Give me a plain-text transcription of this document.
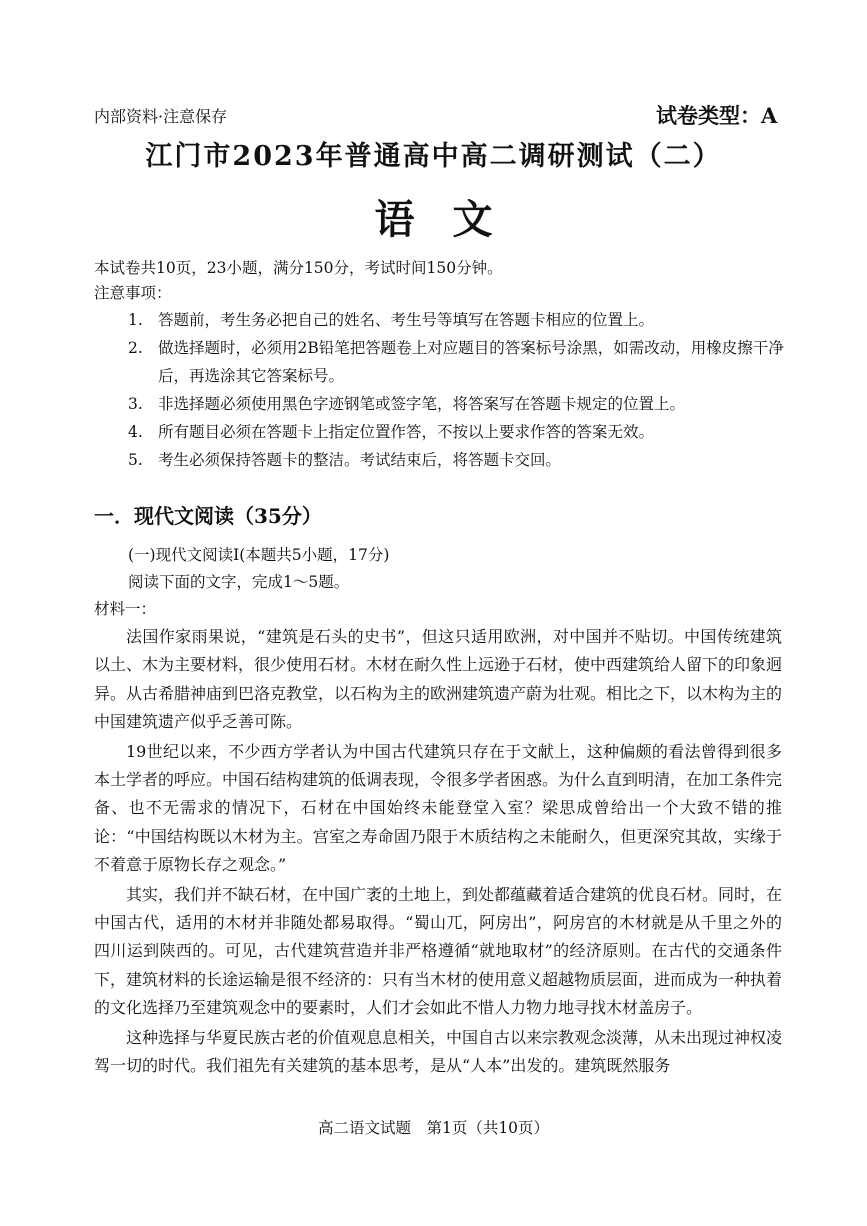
内部资料·注意保存	试卷类型：A
江门市2023年普通高中高二调研测试（二）
语文
本试卷共10页，23小题，满分150分，考试时间150分钟。
注意事项：
1. 答题前，考生务必把自己的姓名、考生号等填写在答题卡相应的位置上。
2. 做选择题时，必须用2B铅笔把答题卷上对应题目的答案标号涂黑，如需改动，用橡皮擦干净后，再选涂其它答案标号。
3. 非选择题必须使用黑色字迹钢笔或签字笔，将答案写在答题卡规定的位置上。
4. 所有题目必须在答题卡上指定位置作答，不按以上要求作答的答案无效。
5. 考生必须保持答题卡的整洁。考试结束后，将答题卡交回。
一．现代文阅读（35分）
(一)现代文阅读Ⅰ(本题共5小题，17分)
阅读下面的文字，完成1～5题。
材料一：

法国作家雨果说，“建筑是石头的史书”，但这只适用欧洲，对中国并不贴切。中国传统建筑以土、木为主要材料，很少使用石材。木材在耐久性上远逊于石材，使中西建筑给人留下的印象迥异。从古希腊神庙到巴洛克教堂，以石构为主的欧洲建筑遗产蔚为壮观。相比之下，以木构为主的中国建筑遗产似乎乏善可陈。

19世纪以来，不少西方学者认为中国古代建筑只存在于文献上，这种偏颇的看法曾得到很多本土学者的呼应。中国石结构建筑的低调表现，令很多学者困惑。为什么直到明清，在加工条件完备、也不无需求的情况下，石材在中国始终未能登堂入室？梁思成曾给出一个大致不错的推论：“中国结构既以木材为主。宫室之寿命固乃限于木质结构之未能耐久，但更深究其故，实缘于不着意于原物长存之观念。”

其实，我们并不缺石材，在中国广袤的土地上，到处都蕴藏着适合建筑的优良石材。同时，在中国古代，适用的木材并非随处都易取得。“蜀山兀，阿房出”，阿房宫的木材就是从千里之外的四川运到陕西的。可见，古代建筑营造并非严格遵循“就地取材”的经济原则。在古代的交通条件下，建筑材料的长途运输是很不经济的：只有当木材的使用意义超越物质层面，进而成为一种执着的文化选择乃至建筑观念中的要素时，人们才会如此不惜人力物力地寻找木材盖房子。

这种选择与华夏民族古老的价值观息息相关，中国自古以来宗教观念淡薄，从未出现过神权凌驾一切的时代。我们祖先有关建筑的基本思考，是从“人本”出发的。建筑既然服务

高二语文试题　第1页（共10页）
